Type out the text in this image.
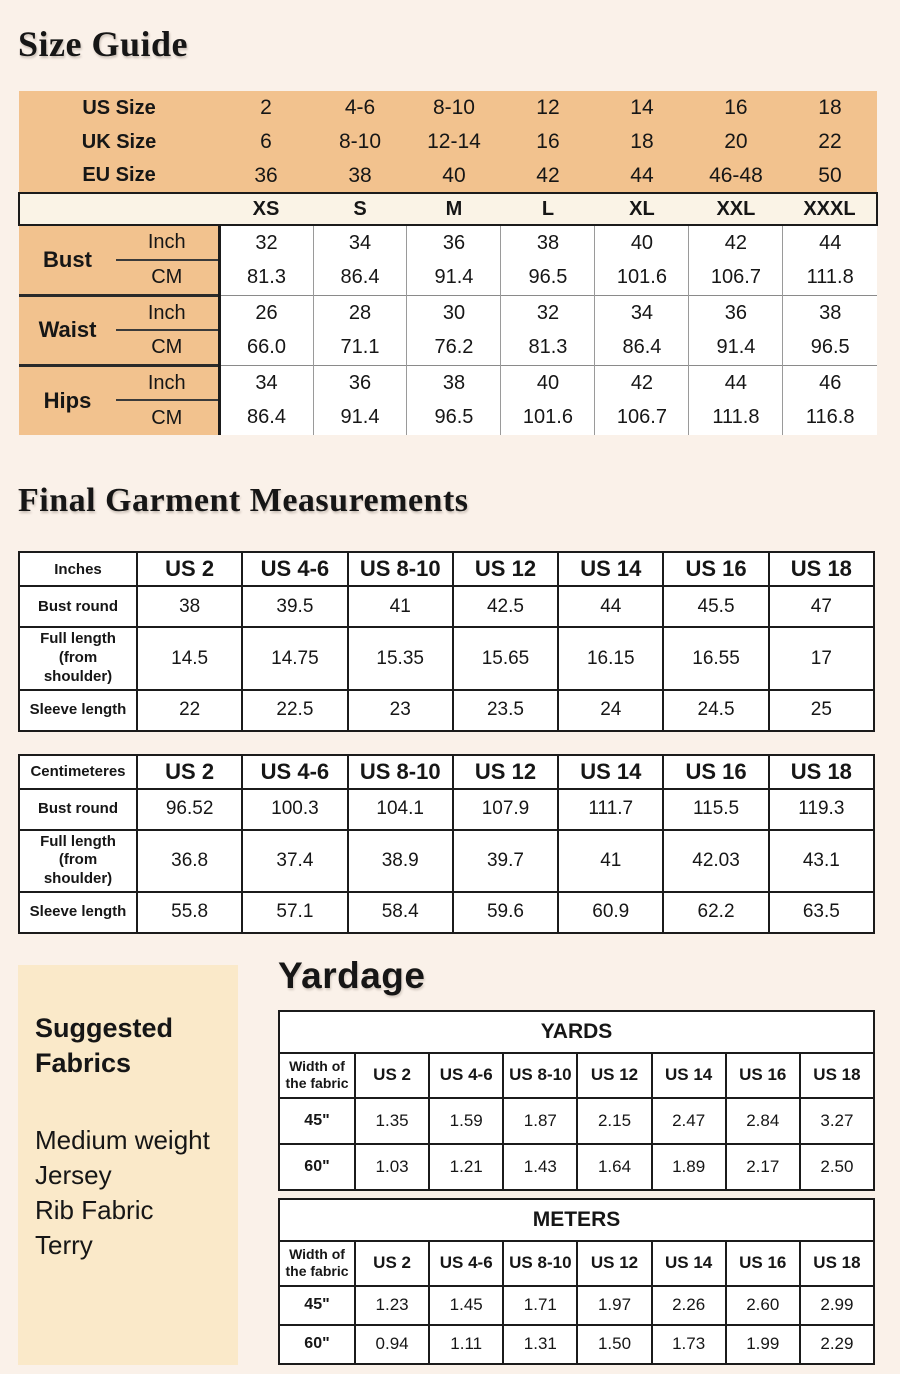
Size Guide
US Size		2	4-6	8-10	12	14	16	18
UK Size		6	8-10	12-14	16	18	20	22
EU Size		36	38	40	42	44	46-48	50
		XS	S	M	L	XL	XXL	XXXL
Bust	Inch	32	34	36	38	40	42	44
	CM	81.3	86.4	91.4	96.5	101.6	106.7	111.8
Waist	Inch	26	28	30	32	34	36	38
	CM	66.0	71.1	76.2	81.3	86.4	91.4	96.5
Hips	Inch	34	36	38	40	42	44	46
	CM	86.4	91.4	96.5	101.6	106.7	111.8	116.8
Final Garment Measurements
Inches	US 2	US 4-6	US 8-10	US 12	US 14	US 16	US 18
Bust round	38	39.5	41	42.5	44	45.5	47
Full length (from shoulder)	14.5	14.75	15.35	15.65	16.15	16.55	17
Sleeve length	22	22.5	23	23.5	24	24.5	25
Centimeteres	US 2	US 4-6	US 8-10	US 12	US 14	US 16	US 18
Bust round	96.52	100.3	104.1	107.9	111.7	115.5	119.3
Full length (from shoulder)	36.8	37.4	38.9	39.7	41	42.03	43.1
Sleeve length	55.8	57.1	58.4	59.6	60.9	62.2	63.5
Suggested Fabrics
Medium weight
Jersey
Rib Fabric
Terry
Yardage
YARDS							
Width of the fabric	US 2	US 4-6	US 8-10	US 12	US 14	US 16	US 18
45"	1.35	1.59	1.87	2.15	2.47	2.84	3.27
60"	1.03	1.21	1.43	1.64	1.89	2.17	2.50
METERS							
Width of the fabric	US 2	US 4-6	US 8-10	US 12	US 14	US 16	US 18
45"	1.23	1.45	1.71	1.97	2.26	2.60	2.99
60"	0.94	1.11	1.31	1.50	1.73	1.99	2.29
